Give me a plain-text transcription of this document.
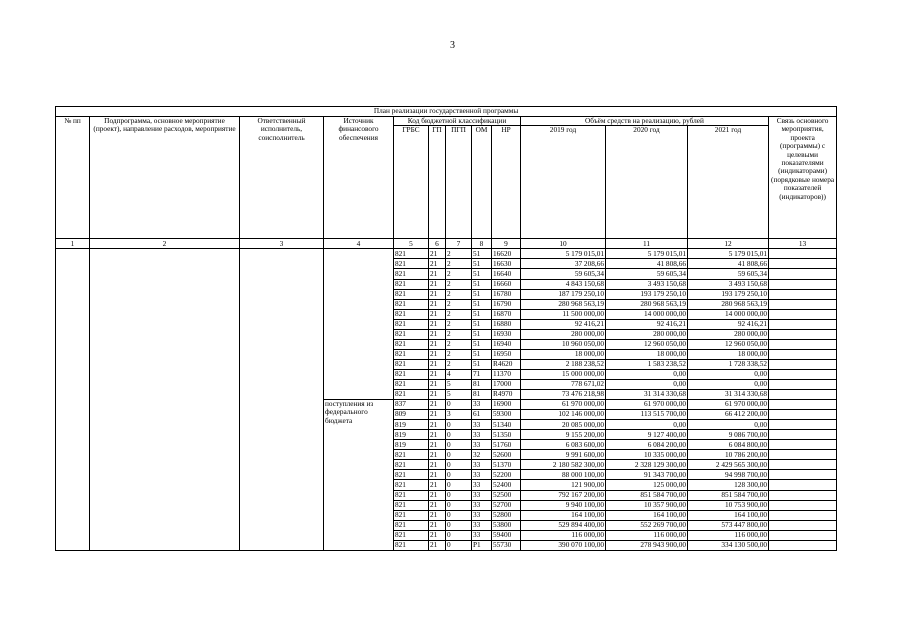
3
План реализации государственной программы												
№ пп	Подпрограмма, основное мероприятие (проект), направление расходов, мероприятие	Ответственный исполнитель, соисполнитель	Источник финансового обеспечения	Код бюджетной классификации					Объём средств на реализацию, рублей			Связь основного мероприятия, проекта (программы) с целевыми показателями (индикаторами) (порядковые номера показателей (индикаторов))
				ГРБС	ГП	ПГП	ОМ	НР	2019 год	2020 год	2021 год	
1	2	3	4	5	6	7	8	9	10	11	12	13
				821	21	2	51	16620	5 179 015,01	5 179 015,01	5 179 015,01	
				821	21	2	51	16630	37 208,66	41 808,66	41 808,66	
				821	21	2	51	16640	59 605,34	59 605,34	59 605,34	
				821	21	2	51	16660	4 843 150,68	3 493 150,68	3 493 150,68	
				821	21	2	51	16780	187 179 250,10	193 179 250,10	193 179 250,10	
				821	21	2	51	16790	280 968 563,19	280 968 563,19	280 968 563,19	
				821	21	2	51	16870	11 500 000,00	14 000 000,00	14 000 000,00	
				821	21	2	51	16880	92 416,21	92 416,21	92 416,21	
				821	21	2	51	16930	280 000,00	280 000,00	280 000,00	
				821	21	2	51	16940	10 960 050,00	12 960 050,00	12 960 050,00	
				821	21	2	51	16950	18 000,00	18 000,00	18 000,00	
				821	21	2	51	R4620	2 188 238,52	1 583 238,52	1 728 338,52	
				821	21	4	71	11370	15 000 000,00	0,00	0,00	
				821	21	5	81	17000	778 671,02	0,00	0,00	
				821	21	5	81	R4970	73 476 218,98	31 314 330,68	31 314 330,68	

			поступления из
федерального
бюджета	837	21	0	33	16900	61 970 000,00	61 970 000,00	61 970 000,00	
				809	21	3	61	59300	102 146 000,00	113 515 700,00	66 412 200,00	
				819	21	0	33	51340	20 085 000,00	0,00	0,00	
				819	21	0	33	51350	9 155 200,00	9 127 400,00	9 086 700,00	
				819	21	0	33	51760	6 083 600,00	6 084 200,00	6 084 800,00	
				821	21	0	32	52600	9 991 600,00	10 335 000,00	10 786 200,00	
				821	21	0	33	51370	2 180 582 300,00	2 328 129 300,00	2 429 565 300,00	
				821	21	0	33	52200	88 000 100,00	91 343 700,00	94 998 700,00	
				821	21	0	33	52400	121 900,00	125 000,00	128 300,00	
				821	21	0	33	52500	792 167 200,00	851 584 700,00	851 584 700,00	
				821	21	0	33	52700	9 940 100,00	10 357 900,00	10 753 900,00	
				821	21	0	33	52800	164 100,00	164 100,00	164 100,00	
				821	21	0	33	53800	529 894 400,00	552 269 700,00	573 447 800,00	
				821	21	0	33	59400	116 000,00	116 000,00	116 000,00	
				821	21	0	P1	55730	390 070 100,00	278 943 900,00	334 130 500,00	
